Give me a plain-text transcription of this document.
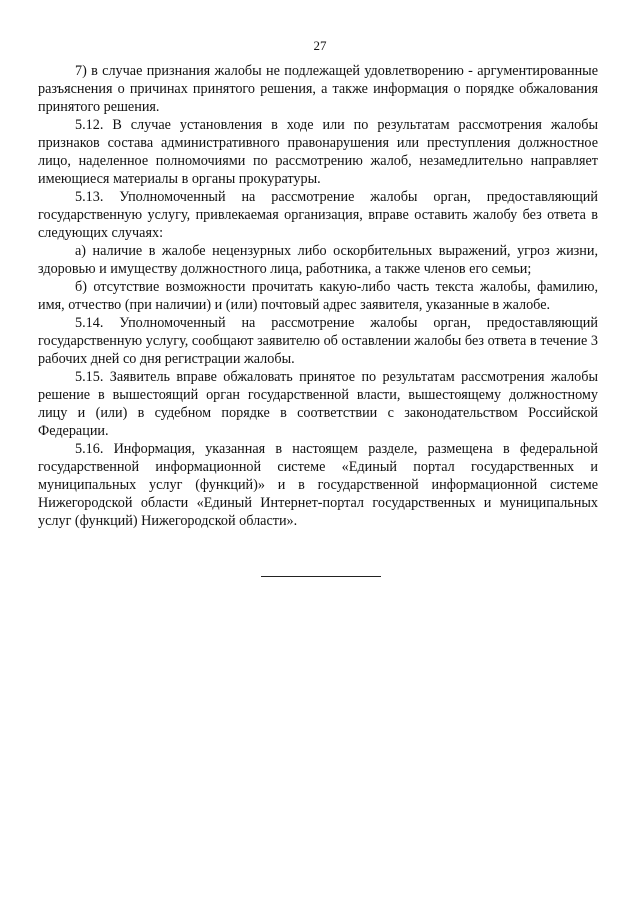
27

7) в случае признания жалобы не подлежащей удовлетворению - аргументированные разъяснения о причинах принятого решения, а также информация о порядке обжалования принятого решения.

5.12. В случае установления в ходе или по результатам рассмотрения жалобы признаков состава административного правонарушения или преступления должностное лицо, наделенное полномочиями по рассмотрению жалоб, незамедлительно направляет имеющиеся материалы в органы прокуратуры.

5.13. Уполномоченный на рассмотрение жалобы орган, предоставляющий государственную услугу, привлекаемая организация, вправе оставить жалобу без ответа в следующих случаях:

а) наличие в жалобе нецензурных либо оскорбительных выражений, угроз жизни, здоровью и имуществу должностного лица, работника, а также членов его семьи;

б) отсутствие возможности прочитать какую-либо часть текста жалобы, фамилию, имя, отчество (при наличии) и (или) почтовый адрес заявителя, указанные в жалобе.

5.14. Уполномоченный на рассмотрение жалобы орган, предоставляющий государственную услугу, сообщают заявителю об оставлении жалобы без ответа в течение 3 рабочих дней со дня регистрации жалобы.

5.15. Заявитель вправе обжаловать принятое по результатам рассмотрения жалобы решение в вышестоящий орган государственной власти, вышестоящему должностному лицу и (или) в судебном порядке в соответствии с законодательством Российской Федерации.

5.16. Информация, указанная в настоящем разделе, размещена в федеральной государственной информационной системе «Единый портал государственных и муниципальных услуг (функций)» и в государственной информационной системе Нижегородской области «Единый Интернет-портал государственных и муниципальных услуг (функций) Нижегородской области».
